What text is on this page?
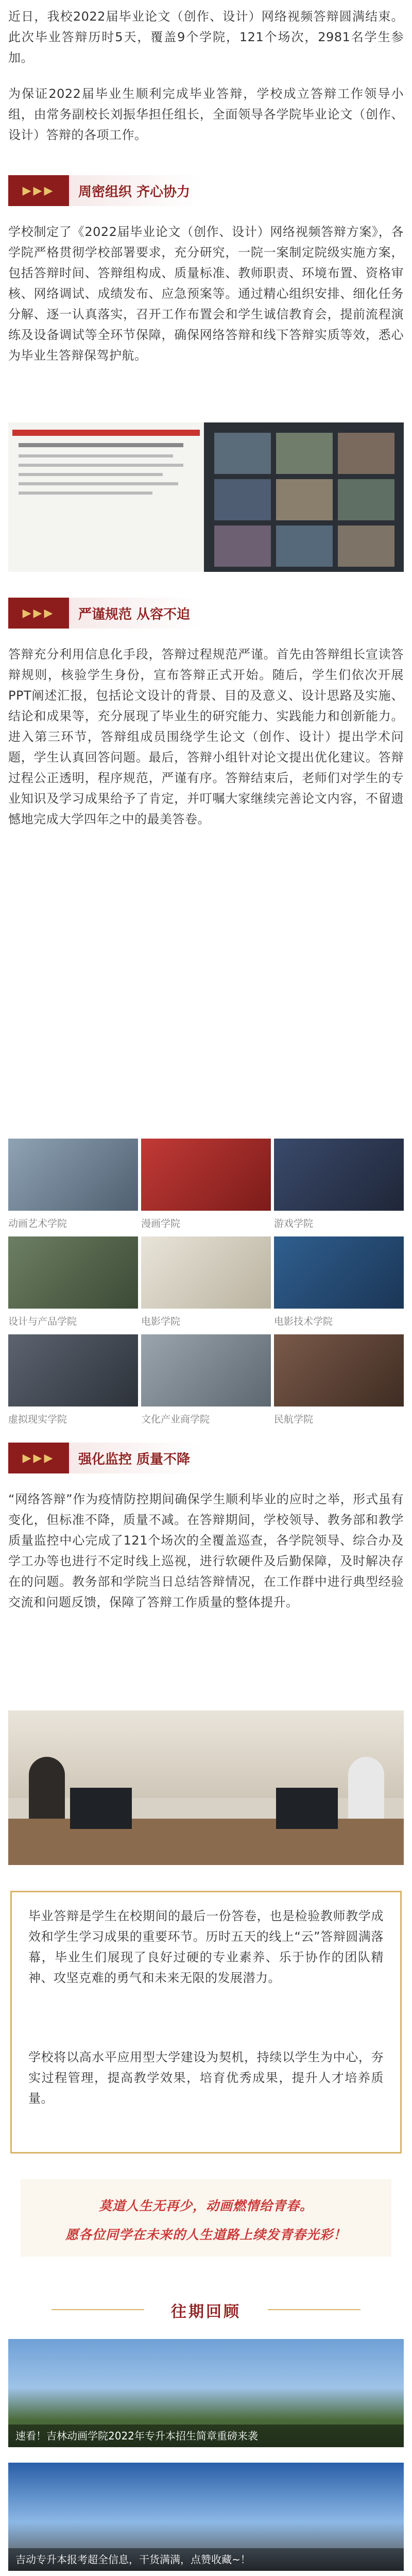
近日，我校2022届毕业论文（创作、设计）网络视频答辩圆满结束。此次毕业答辩历时5天，覆盖9个学院，121个场次，2981名学生参加。

为保证2022届毕业生顺利完成毕业答辩，学校成立答辩工作领导小组，由常务副校长刘振华担任组长，全面领导各学院毕业论文（创作、设计）答辩的各项工作。

▶▶▶	周密组织 齐心协力

学校制定了《2022届毕业论文（创作、设计）网络视频答辩方案》，各学院严格贯彻学校部署要求，充分研究，一院一案制定院级实施方案，包括答辩时间、答辩组构成、质量标准、教师职责、环境布置、资格审核、网络调试、成绩发布、应急预案等。通过精心组织安排、细化任务分解、逐一认真落实，召开工作布置会和学生诚信教育会，提前流程演练及设备调试等全环节保障，确保网络答辩和线下答辩实质等效，悉心为毕业生答辩保驾护航。

▶▶▶	严谨规范 从容不迫

答辩充分利用信息化手段，答辩过程规范严谨。首先由答辩组长宣读答辩规则，核验学生身份，宣布答辩正式开始。随后，学生们依次开展PPT阐述汇报，包括论文设计的背景、目的及意义、设计思路及实施、结论和成果等，充分展现了毕业生的研究能力、实践能力和创新能力。进入第三环节，答辩组成员围绕学生论文（创作、设计）提出学术问题，学生认真回答问题。最后，答辩小组针对论文提出优化建议。答辩过程公正透明，程序规范，严谨有序。答辩结束后，老师们对学生的专业知识及学习成果给予了肯定，并叮嘱大家继续完善论文内容，不留遗憾地完成大学四年之中的最美答卷。

动画艺术学院	漫画学院	游戏学院
设计与产品学院	电影学院	电影技术学院
虚拟现实学院	文化产业商学院	民航学院
▶▶▶	强化监控 质量不降

“网络答辩”作为疫情防控期间确保学生顺利毕业的应时之举，形式虽有变化，但标准不降，质量不减。在答辩期间，学校领导、教务部和教学质量监控中心完成了121个场次的全覆盖巡查，各学院领导、综合办及学工办等也进行不定时线上巡视，进行软硬件及后勤保障，及时解决存在的问题。教务部和学院当日总结答辩情况，在工作群中进行典型经验交流和问题反馈，保障了答辩工作质量的整体提升。

毕业答辩是学生在校期间的最后一份答卷，也是检验教师教学成效和学生学习成果的重要环节。历时五天的线上“云”答辩圆满落幕，毕业生们展现了良好过硬的专业素养、乐于协作的团队精神、攻坚克难的勇气和未来无限的发展潜力。

学校将以高水平应用型大学建设为契机，持续以学生为中心，夯实过程管理，提高教学效果，培育优秀成果，提升人才培养质量。

莫道人生无再少，动画燃情给青春。
愿各位同学在未来的人生道路上续发青春光彩！
往期回顾
速看！吉林动画学院2022年专升本招生简章重磅来袭
吉动专升本报考超全信息，干货满满，点赞收藏~！
